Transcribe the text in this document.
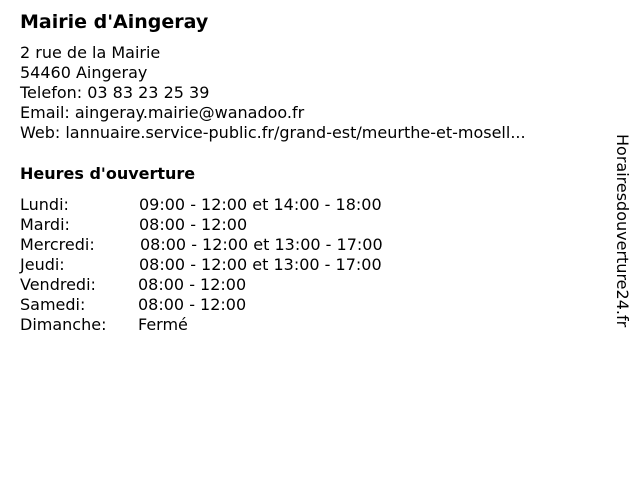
Mairie d'Aingeray
2 rue de la Mairie
54460 Aingeray
Telefon: 03 83 23 25 39
Email: aingeray.mairie@wanadoo.fr
Web: lannuaire.service-public.fr/grand-est/meurthe-et-mosell...
Heures d'ouverture
Lundi:	09:00 - 12:00 et 14:00 - 18:00
Mardi:	08:00 - 12:00
Mercredi:	08:00 - 12:00 et 13:00 - 17:00
Jeudi:	08:00 - 12:00 et 13:00 - 17:00
Vendredi:	08:00 - 12:00
Samedi:	08:00 - 12:00
Dimanche: Fermé	Horairesdouverture24.fr
